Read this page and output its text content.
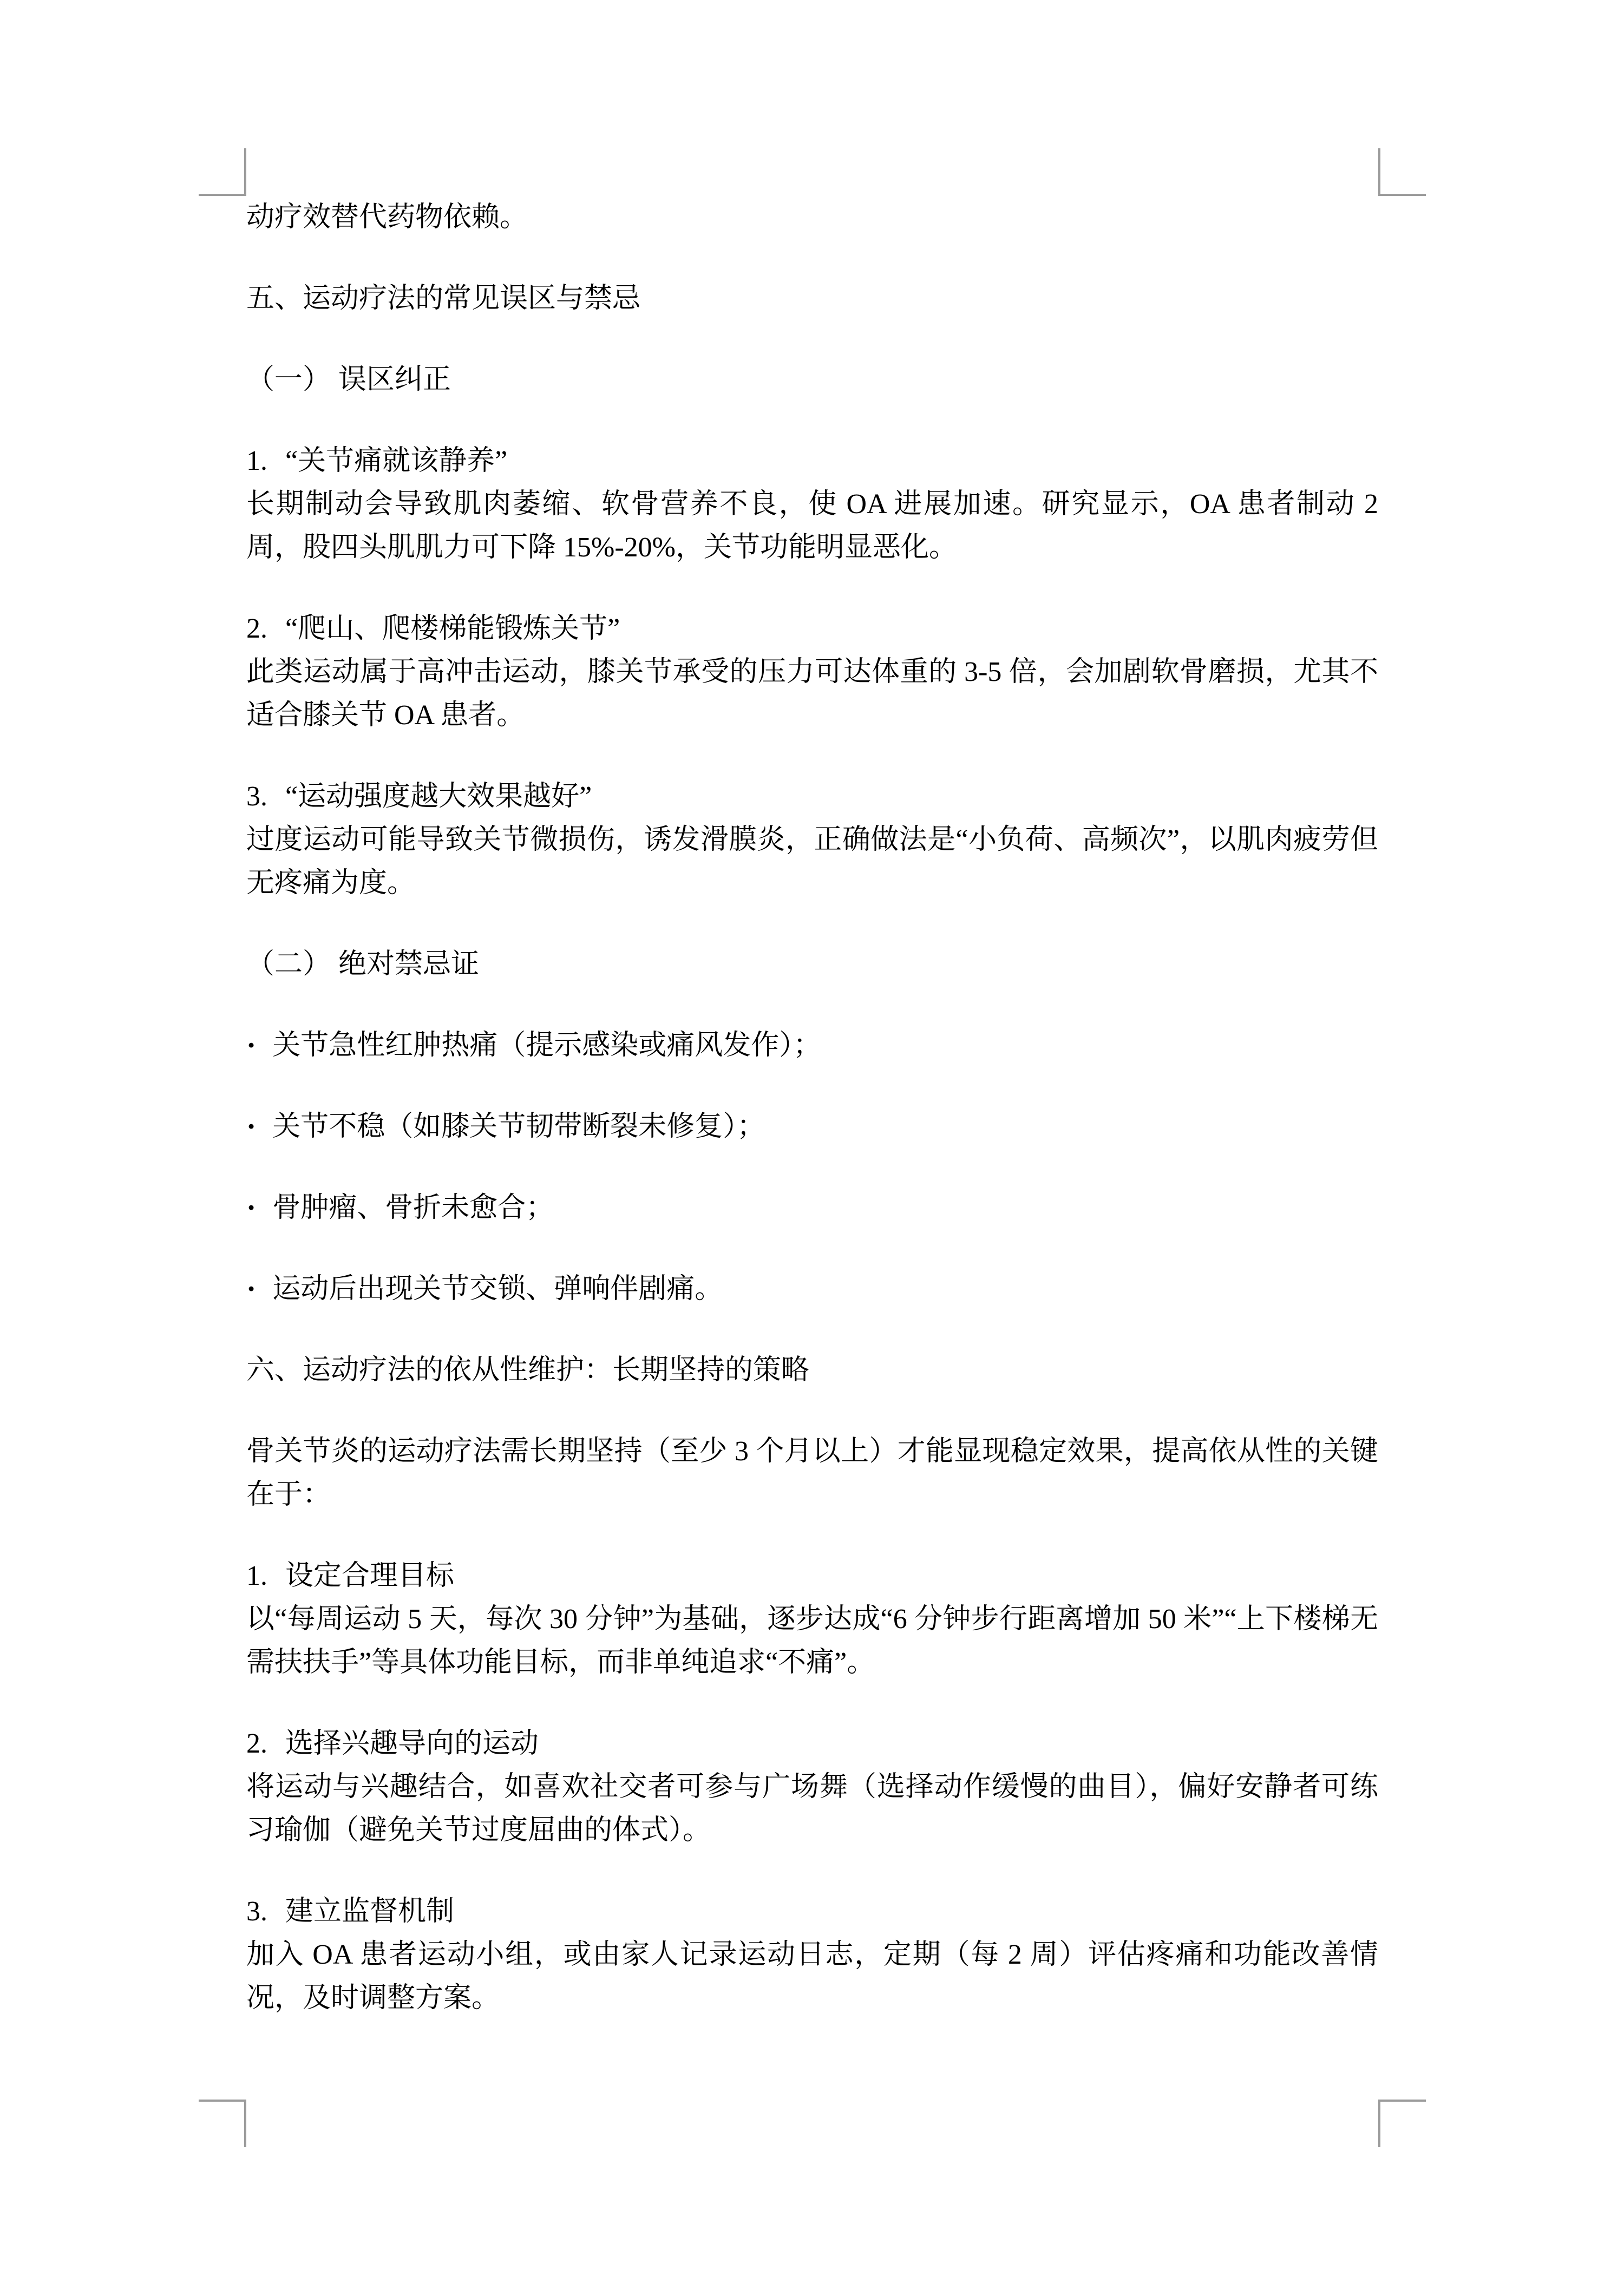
动疗效替代药物依赖。
五、运动疗法的常见误区与禁忌
（一） 误区纠正
1. “关节痛就该静养”
长期制动会导致肌肉萎缩、软骨营养不良，使 OA 进展加速。研究显示，OA 患者制动 2 周，股四头肌肌力可下降 15%-20%，关节功能明显恶化。
2. “爬山、爬楼梯能锻炼关节”
此类运动属于高冲击运动，膝关节承受的压力可达体重的 3-5 倍，会加剧软骨磨损，尤其不适合膝关节 OA 患者。
3. “运动强度越大效果越好”
过度运动可能导致关节微损伤，诱发滑膜炎，正确做法是“小负荷、高频次”，以肌肉疲劳但无疼痛为度。
（二） 绝对禁忌证
• 关节急性红肿热痛（提示感染或痛风发作）；
• 关节不稳（如膝关节韧带断裂未修复）；
• 骨肿瘤、骨折未愈合；
• 运动后出现关节交锁、弹响伴剧痛。
六、运动疗法的依从性维护：长期坚持的策略
骨关节炎的运动疗法需长期坚持（至少 3 个月以上）才能显现稳定效果，提高依从性的关键在于：
1. 设定合理目标
以“每周运动 5 天，每次 30 分钟”为基础，逐步达成“6 分钟步行距离增加 50 米”“上下楼梯无需扶扶手”等具体功能目标，而非单纯追求“不痛”。
2. 选择兴趣导向的运动
将运动与兴趣结合，如喜欢社交者可参与广场舞（选择动作缓慢的曲目），偏好安静者可练习瑜伽（避免关节过度屈曲的体式）。
3. 建立监督机制
加入 OA 患者运动小组，或由家人记录运动日志，定期（每 2 周）评估疼痛和功能改善情况，及时调整方案。
